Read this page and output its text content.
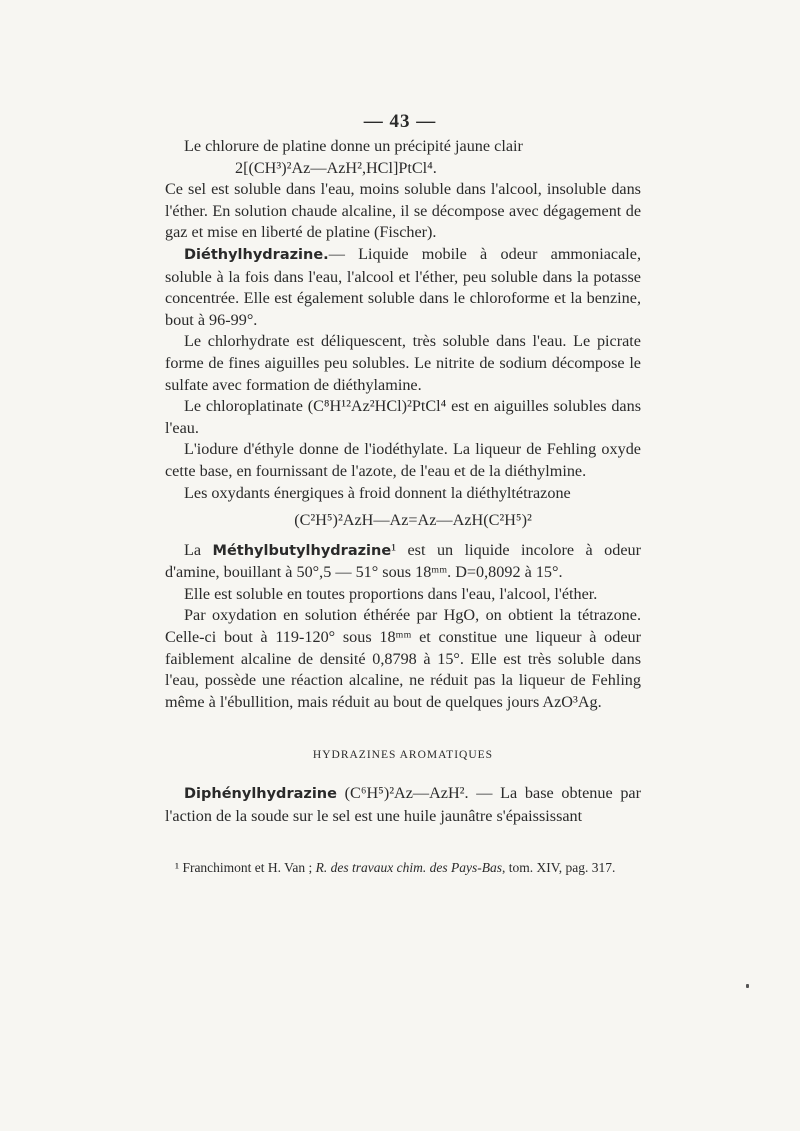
— 43 —

Le chlorure de platine donne un précipité jaune clair

2[(CH³)²Az—AzH²,HCl]PtCl⁴.

Ce sel est soluble dans l'eau, moins soluble dans l'alcool, insoluble dans l'éther. En solution chaude alcaline, il se décompose avec dégagement de gaz et mise en liberté de platine (Fischer).

Diéthylhydrazine.— Liquide mobile à odeur ammoniacale, soluble à la fois dans l'eau, l'alcool et l'éther, peu soluble dans la potasse concentrée. Elle est également soluble dans le chloroforme et la benzine, bout à 96-99°.

Le chlorhydrate est déliquescent, très soluble dans l'eau. Le picrate forme de fines aiguilles peu solubles. Le nitrite de sodium décompose le sulfate avec formation de diéthylamine.

Le chloroplatinate (C⁸H¹²Az²HCl)²PtCl⁴ est en aiguilles solubles dans l'eau.

L'iodure d'éthyle donne de l'iodéthylate. La liqueur de Fehling oxyde cette base, en fournissant de l'azote, de l'eau et de la diéthylmine.

Les oxydants énergiques à froid donnent la diéthyltétrazone

(C²H⁵)²AzH—Az=Az—AzH(C²H⁵)²

La Méthylbutylhydrazine¹ est un liquide incolore à odeur d'amine, bouillant à 50°,5 — 51° sous 18ᵐᵐ. D=0,8092 à 15°.

Elle est soluble en toutes proportions dans l'eau, l'alcool, l'éther.

Par oxydation en solution éthérée par HgO, on obtient la tétrazone. Celle-ci bout à 119-120° sous 18ᵐᵐ et constitue une liqueur à odeur faiblement alcaline de densité 0,8798 à 15°. Elle est très soluble dans l'eau, possède une réaction alcaline, ne réduit pas la liqueur de Fehling même à l'ébullition, mais réduit au bout de quelques jours AzO³Ag.

HYDRAZINES AROMATIQUES

Diphénylhydrazine (C⁶H⁵)²Az—AzH². — La base obtenue par l'action de la soude sur le sel est une huile jaunâtre s'épaississant

¹ Franchimont et H. Van ; R. des travaux chim. des Pays-Bas, tom. XIV, pag. 317.
